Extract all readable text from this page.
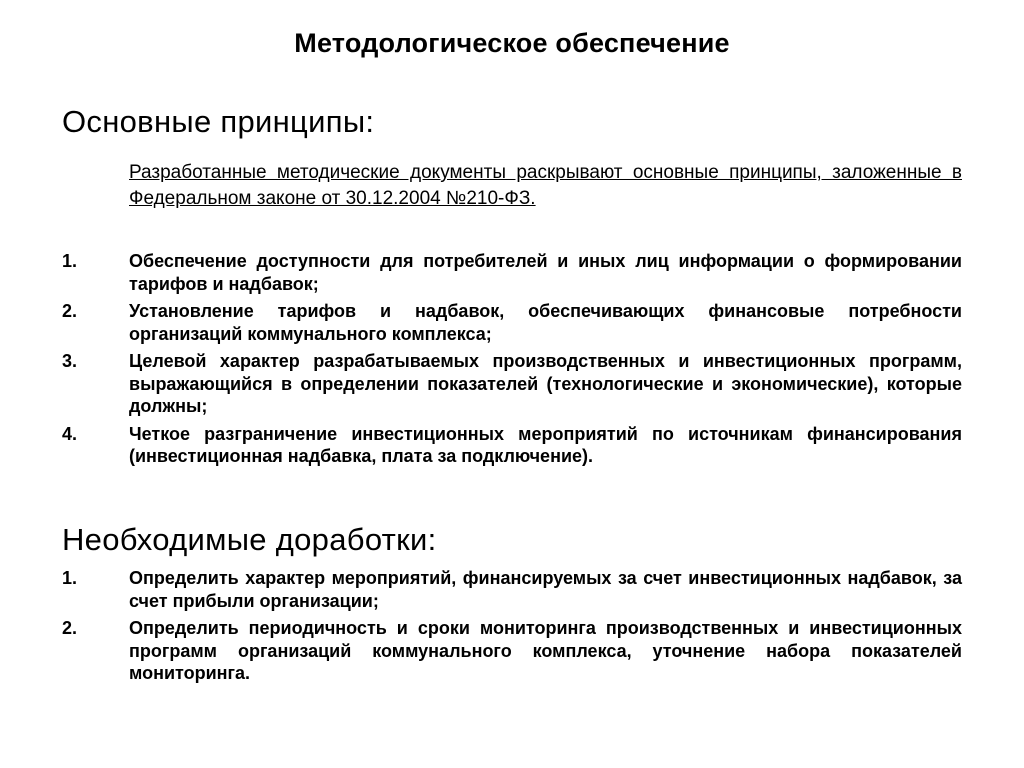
Методологическое обеспечение
Основные принципы:
Разработанные методические документы раскрывают основные принципы, заложенные в Федеральном законе от 30.12.2004 №210-ФЗ.
1.	Обеспечение доступности для потребителей и иных лиц информации о формировании тарифов и надбавок;
2.	Установление тарифов и надбавок, обеспечивающих финансовые потребности организаций коммунального комплекса;
3.	Целевой характер разрабатываемых производственных и инвестиционных программ, выражающийся в определении показателей (технологические и экономические), которые должны;
4.	Четкое разграничение инвестиционных мероприятий по источникам финансирования (инвестиционная надбавка, плата за подключение).
Необходимые доработки:
1.	Определить характер мероприятий, финансируемых за счет инвестиционных надбавок, за счет прибыли организации;
2.	Определить периодичность и сроки мониторинга производственных и инвестиционных программ организаций коммунального комплекса, уточнение набора показателей мониторинга.
